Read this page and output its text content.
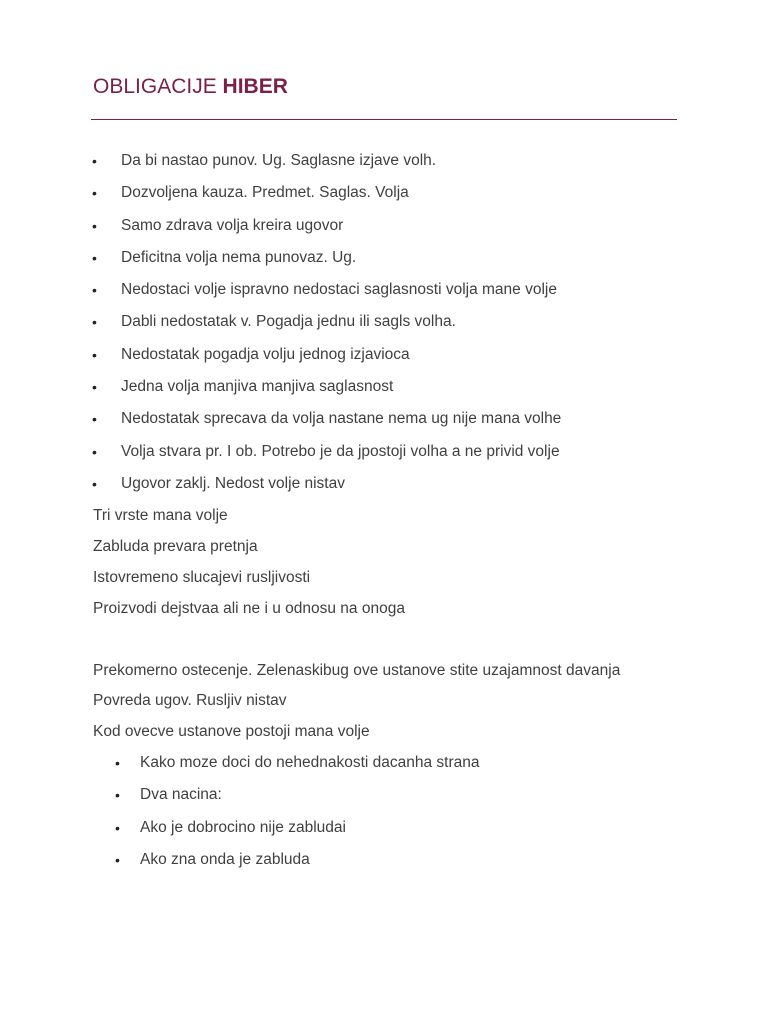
OBLIGACIJE HIBER
• Da bi nastao punov. Ug. Saglasne izjave volh.
• Dozvoljena kauza. Predmet. Saglas. Volja
• Samo zdrava volja kreira ugovor
• Deficitna volja nema punovaz. Ug.
• Nedostaci volje ispravno nedostaci saglasnosti volja mane volje
• Dabli nedostatak v. Pogadja jednu ili sagls volha.
• Nedostatak pogadja volju jednog izjavioca
• Jedna volja manjiva manjiva saglasnost
• Nedostatak sprecava da volja nastane nema ug nije mana volhe
• Volja stvara pr. I ob. Potrebo je da jpostoji volha a ne privid volje
• Ugovor zaklj. Nedost volje nistav

Tri vrste mana volje

Zabluda prevara pretnja

Istovremeno slucajevi rusljivosti

Proizvodi dejstvaa ali ne i u odnosu na onoga

Prekomerno ostecenje. Zelenaskibug ove ustanove stite uzajamnost davanja

Povreda ugov. Rusljiv nistav

Kod ovecve ustanove postoji mana volje

• Kako moze doci do nehednakosti dacanha strana
• Dva nacina:
• Ako je dobrocino nije zabludai
• Ako zna onda je zabluda
